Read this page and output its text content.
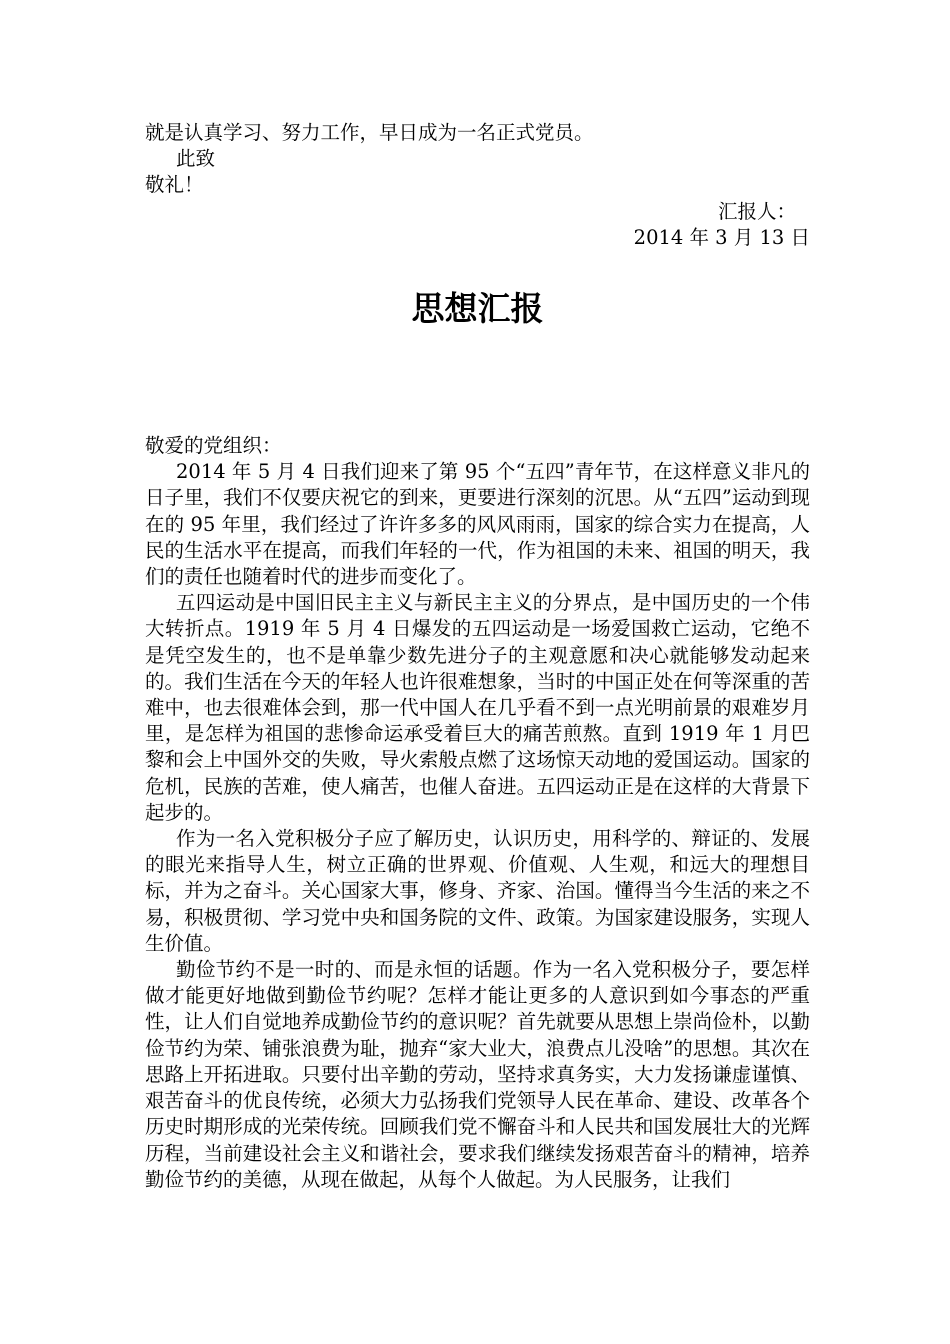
就是认真学习、努力工作，早日成为一名正式党员。
此致
敬礼！
汇报人：
2014 年 3 月 13 日
思想汇报
敬爱的党组织：

2014 年 5 月 4 日我们迎来了第 95 个“五四”青年节，在这样意义非凡的日子里，我们不仅要庆祝它的到来，更要进行深刻的沉思。从“五四”运动到现在的 95 年里，我们经过了许许多多的风风雨雨，国家的综合实力在提高，人民的生活水平在提高，而我们年轻的一代，作为祖国的未来、祖国的明天，我们的责任也随着时代的进步而变化了。

五四运动是中国旧民主主义与新民主主义的分界点，是中国历史的一个伟大转折点。1919 年 5 月 4 日爆发的五四运动是一场爱国救亡运动，它绝不是凭空发生的，也不是单靠少数先进分子的主观意愿和决心就能够发动起来的。我们生活在今天的年轻人也许很难想象，当时的中国正处在何等深重的苦难中，也去很难体会到，那一代中国人在几乎看不到一点光明前景的艰难岁月里，是怎样为祖国的悲惨命运承受着巨大的痛苦煎熬。直到 1919 年 1 月巴黎和会上中国外交的失败，导火索般点燃了这场惊天动地的爱国运动。国家的危机，民族的苦难，使人痛苦，也催人奋进。五四运动正是在这样的大背景下起步的。

作为一名入党积极分子应了解历史，认识历史，用科学的、辩证的、发展的眼光来指导人生，树立正确的世界观、价值观、人生观，和远大的理想目标，并为之奋斗。关心国家大事，修身、齐家、治国。懂得当今生活的来之不易，积极贯彻、学习党中央和国务院的文件、政策。为国家建设服务，实现人生价值。

勤俭节约不是一时的、而是永恒的话题。作为一名入党积极分子，要怎样做才能更好地做到勤俭节约呢？怎样才能让更多的人意识到如今事态的严重性，让人们自觉地养成勤俭节约的意识呢？首先就要从思想上崇尚俭朴，以勤俭节约为荣、铺张浪费为耻，抛弃“家大业大，浪费点儿没啥”的思想。其次在思路上开拓进取。只要付出辛勤的劳动，坚持求真务实，大力发扬谦虚谨慎、艰苦奋斗的优良传统，必须大力弘扬我们党领导人民在革命、建设、改革各个历史时期形成的光荣传统。回顾我们党不懈奋斗和人民共和国发展壮大的光辉历程，当前建设社会主义和谐社会，要求我们继续发扬艰苦奋斗的精神，培养勤俭节约的美德，从现在做起，从每个人做起。为人民服务，让我们
